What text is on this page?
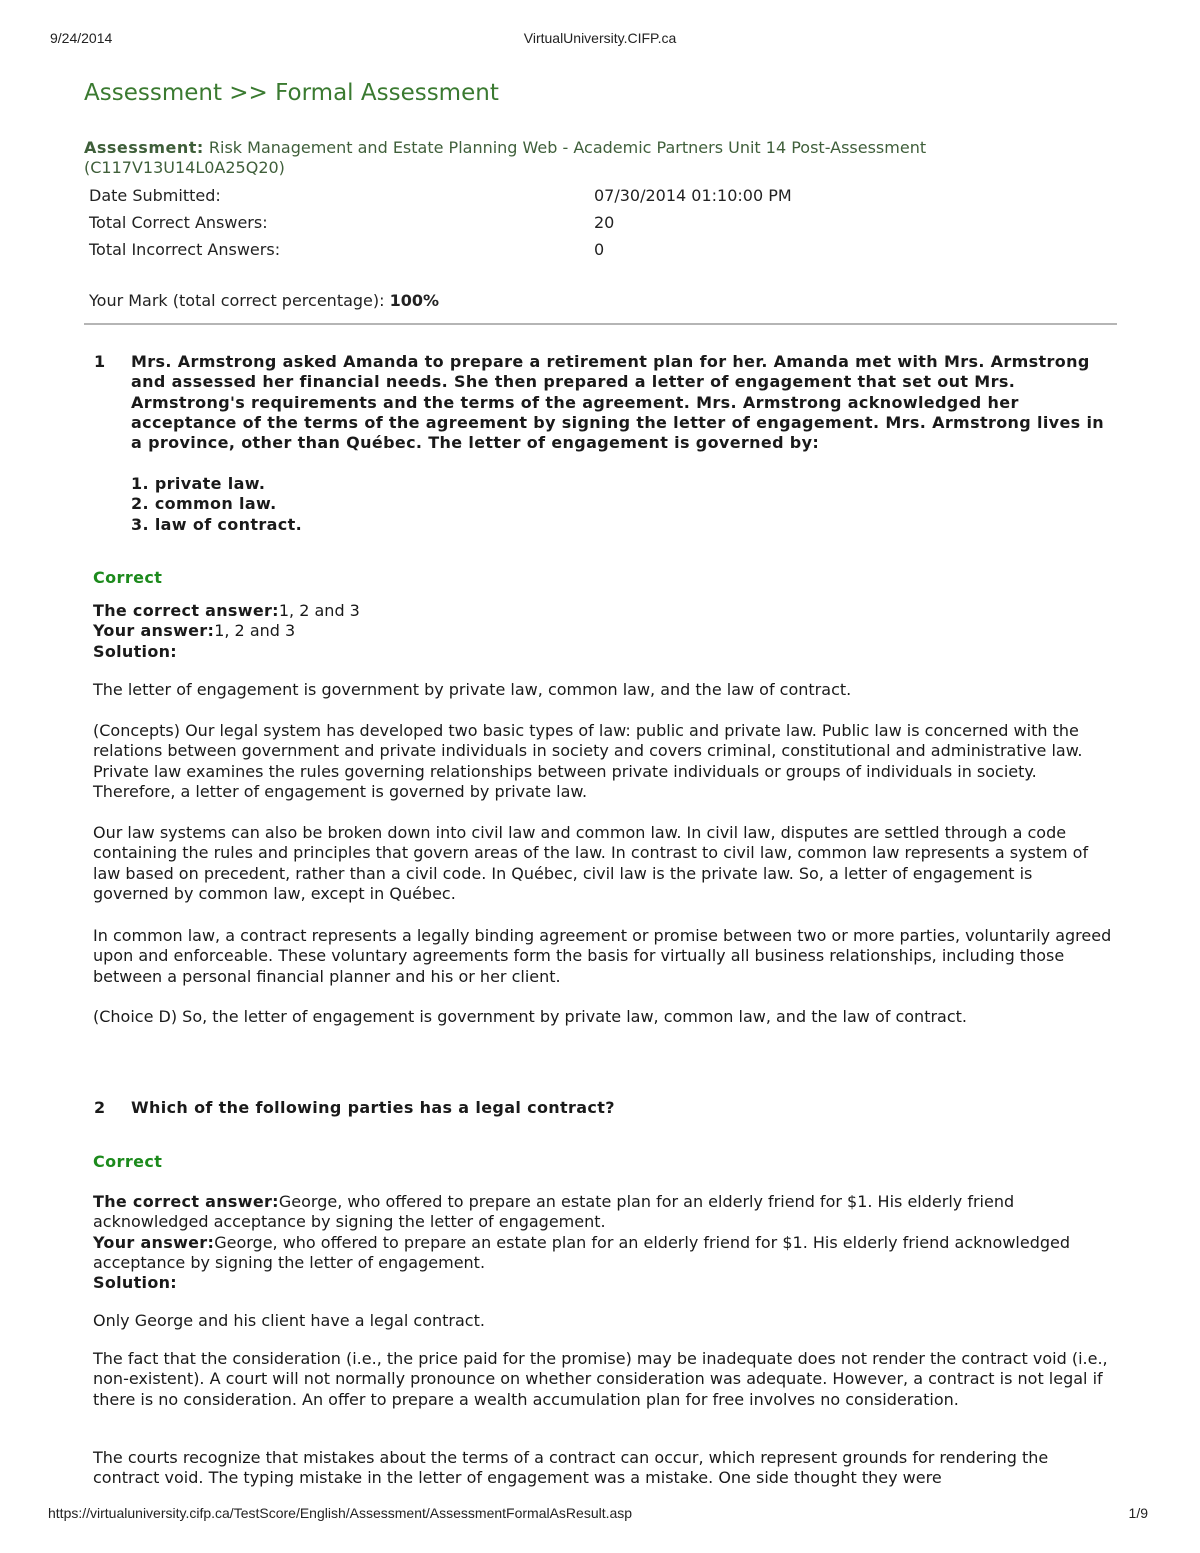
9/24/2014	VirtualUniversity.CIFP.ca
Assessment >> Formal Assessment
Assessment: Risk Management and Estate Planning Web - Academic Partners Unit 14 Post-Assessment (C117V13U14L0A25Q20)
Date Submitted:	07/30/2014 01:10:00 PM
Total Correct Answers:	20
Total Incorrect Answers:	0
Your Mark (total correct percentage): 100%
1 Mrs. Armstrong asked Amanda to prepare a retirement plan for her. Amanda met with Mrs. Armstrong and assessed her financial needs. She then prepared a letter of engagement that set out Mrs. Armstrong's requirements and the terms of the agreement. Mrs. Armstrong acknowledged her acceptance of the terms of the agreement by signing the letter of engagement. Mrs. Armstrong lives in a province, other than Québec. The letter of engagement is governed by:
1. private law.
2. common law.
3. law of contract.
Correct
The correct answer:1, 2 and 3
Your answer:1, 2 and 3
Solution:

The letter of engagement is government by private law, common law, and the law of contract.

(Concepts) Our legal system has developed two basic types of law: public and private law. Public law is concerned with the relations between government and private individuals in society and covers criminal, constitutional and administrative law. Private law examines the rules governing relationships between private individuals or groups of individuals in society. Therefore, a letter of engagement is governed by private law.

Our law systems can also be broken down into civil law and common law. In civil law, disputes are settled through a code containing the rules and principles that govern areas of the law. In contrast to civil law, common law represents a system of law based on precedent, rather than a civil code. In Québec, civil law is the private law. So, a letter of engagement is governed by common law, except in Québec.

In common law, a contract represents a legally binding agreement or promise between two or more parties, voluntarily agreed upon and enforceable. These voluntary agreements form the basis for virtually all business relationships, including those between a personal financial planner and his or her client.

(Choice D) So, the letter of engagement is government by private law, common law, and the law of contract.

2 Which of the following parties has a legal contract?
Correct
The correct answer:George, who offered to prepare an estate plan for an elderly friend for $1. His elderly friend acknowledged acceptance by signing the letter of engagement.
Your answer:George, who offered to prepare an estate plan for an elderly friend for $1. His elderly friend acknowledged acceptance by signing the letter of engagement.
Solution:

Only George and his client have a legal contract.

The fact that the consideration (i.e., the price paid for the promise) may be inadequate does not render the contract void (i.e., non-existent). A court will not normally pronounce on whether consideration was adequate. However, a contract is not legal if there is no consideration. An offer to prepare a wealth accumulation plan for free involves no consideration.

The courts recognize that mistakes about the terms of a contract can occur, which represent grounds for rendering the contract void. The typing mistake in the letter of engagement was a mistake. One side thought they were

https://virtualuniversity.cifp.ca/TestScore/English/Assessment/AssessmentFormalAsResult.asp	1/9
